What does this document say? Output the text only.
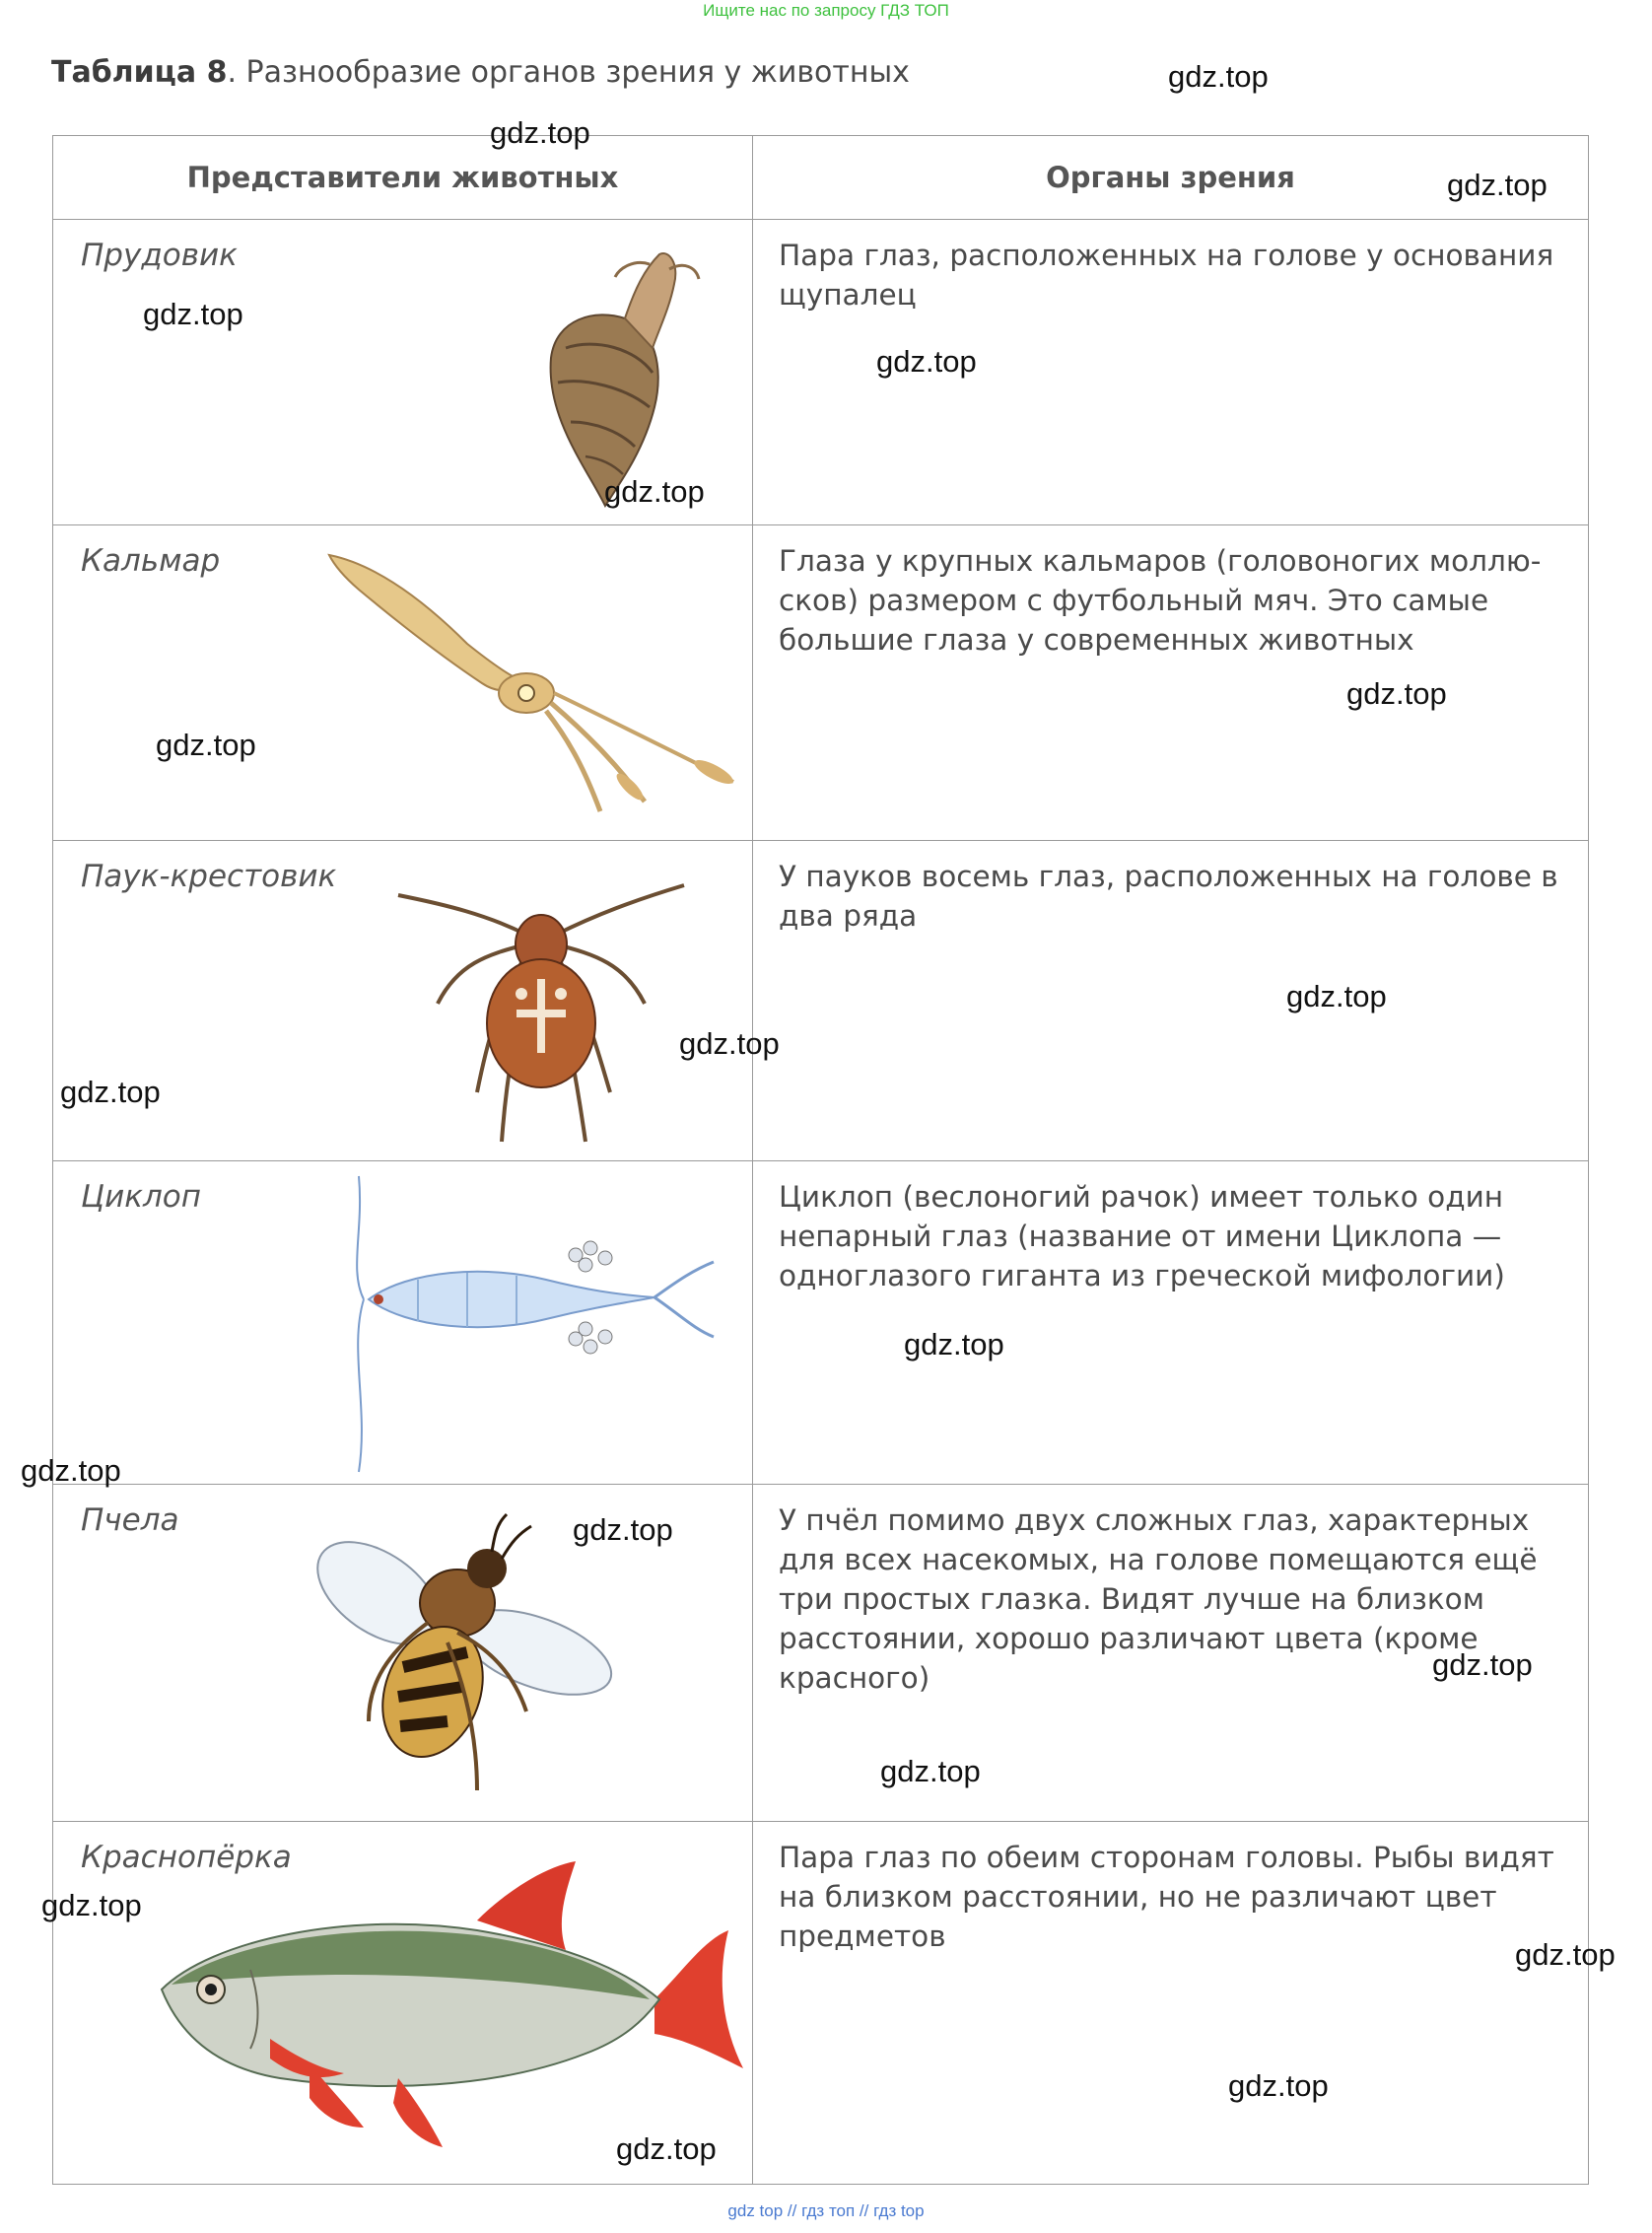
Ищите нас по запросу ГДЗ ТОП
Таблица 8. Разнообразие органов зрения у животных
Представители животных	Органы зрения

Прудовик	Пара глаз, расположенных на голове у основания щупалец

Кальмар	Глаза у крупных кальмаров (головоногих моллю-сков) размером с футбольный мяч. Это самые большие глаза у современных животных

Паук-крестовик	У пауков восемь глаз, расположенных на голове в два ряда

Циклоп	Циклоп (веслоногий рачок) имеет только один непарный глаз (название от имени Циклопа — одноглазого гиганта из греческой мифологии)

Пчела	У пчёл помимо двух сложных глаз, характерных для всех насекомых, на голове помещаются ещё три простых глазка. Видят лучше на близком расстоянии, хорошо различают цвета (кроме красного)

Краснопёрка	Пара глаз по обеим сторонам головы. Рыбы видят на близком расстоянии, но не различают цвет предметов
gdz.top
gdz.top
gdz.top
gdz.top
gdz.top
gdz.top
gdz.top
gdz.top
gdz.top
gdz.top
gdz.top
gdz.top
gdz.top
gdz.top
gdz.top
gdz.top
gdz.top
gdz.top
gdz.top
gdz.top
gdz top // гдз топ // гдз top
